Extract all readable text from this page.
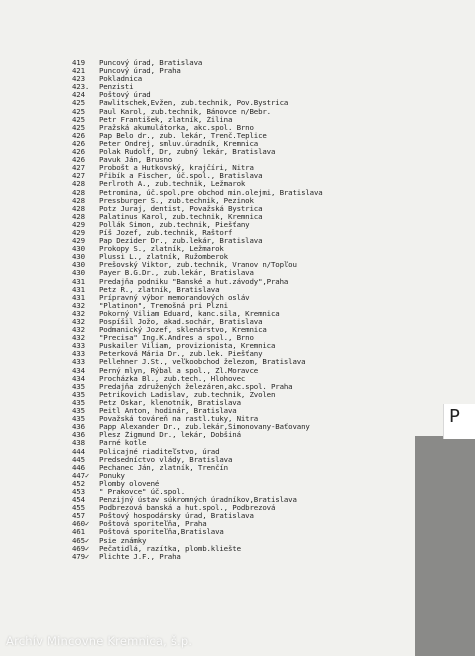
419 Puncový úrad, Bratislava
421 Puncový úrad, Praha
423 Pokladnica
423. Penzisti
424 Poštový úrad
425 Pawlitschek,Evžen, zub.technik, Pov.Bystrica
425 Paul Karol, zub.technik, Bánovce n/Bebr.
425 Petr František, zlatník, Žilina
425 Pražská akumulátorka, akc.spol. Brno
426 Pap Belo dr., zub. lekár, Trenč.Teplice
426 Peter Ondrej, smluv.úradník, Kremnica
426 Polak Rudolf, Dr, zubný lekár, Bratislava
426 Pavuk Ján, Brusno
427 Probošt a Hutkovský, krajčíri, Nitra
427 Přibík a Fischer, úč.spol., Bratislava
428 Perlroth A., zub.technik, Ležmarok
428 Petromina, úč.spol.pre obchod min.olejmi, Bratislava
428 Pressburger S., zub.technik, Pezinok
428 Potz Juraj, dentist, Považská Bystrica
428 Palatinus Karol, zub.technik, Kremnica
429 Pollák Šimon, zub.technik, Piešťany
429 Píš Jozef, zub.technik, Raštorf
429 Pap Dezider Dr., zub.lekár, Bratislava
430 Prokopy S., zlatník, Ležmarok
430 Plussi L., zlatník, Ružomberok
430 Prešovský Viktor, zub.technik, Vranov n/Topľou
430 Payer B.G.Dr., zub.lekár, Bratislava
431 Predajňa podniku "Banské a hut.závody",Praha
431 Petz R., zlatník, Bratislava
431 Prípravný výbor memorandových osláv
432 "Platinon", Tremošná pri Plzni
432 Pokorný Viliam Eduard, kanc.sila, Kremnica
432 Pospíšil Jožo, akad.sochár, Bratislava
432 Podmanický Jozef, sklenárstvo, Kremnica
432 "Precisa" Ing.K.Andres a spol., Brno
433 Puskailer Viliam, provizionista, Kremnica
433 Peterková Mária Dr., zub.lek. Piešťany
433 Pellehner J.St., veľkoobchod železom, Bratislava
434 Perný mlyn, Rýbal a spol., Zl.Moravce
434 Procházka Bl., zub.tech., Hlohovec
435 Predajňa združených železáren,akc.spol. Praha
435 Petrikovich Ladislav, zub.technik, Zvolen
435 Petz Oskar, klenotník, Bratislava
435 Peitl Anton, hodinár, Bratislava
435 Považská továreň na rastl.tuky, Nitra
436 Papp Alexander Dr., zub.lekár,Šimonovany-Baťovany
436 Plesz Žigmund Dr., lekár, Dobšiná
438 Parné kotle
444 Policajné riaditeľstvo, úrad
445 Predsedníctvo vlády, Bratislava
446 Pechanec Ján, zlatník, Trenčín
447✓ Ponuky
452 Plomby olovené
453 " Prakovce" úč.spol.
454 Penzijný ústav súkromných úradníkov,Bratislava
455 Podbrezová banská a hut.spol., Podbrezová
457 Poštový hospodársky úrad, Bratislava
460✓ Poštová sporiteľňa, Praha
461 Poštová sporiteľňa,Bratislava
465✓ Psie známky
469✓ Pečatidlá, razítka, plomb.kliešte
479✓ Plichte J.F., Praha
P
Archív Mincovne Kremnica, š.p.
